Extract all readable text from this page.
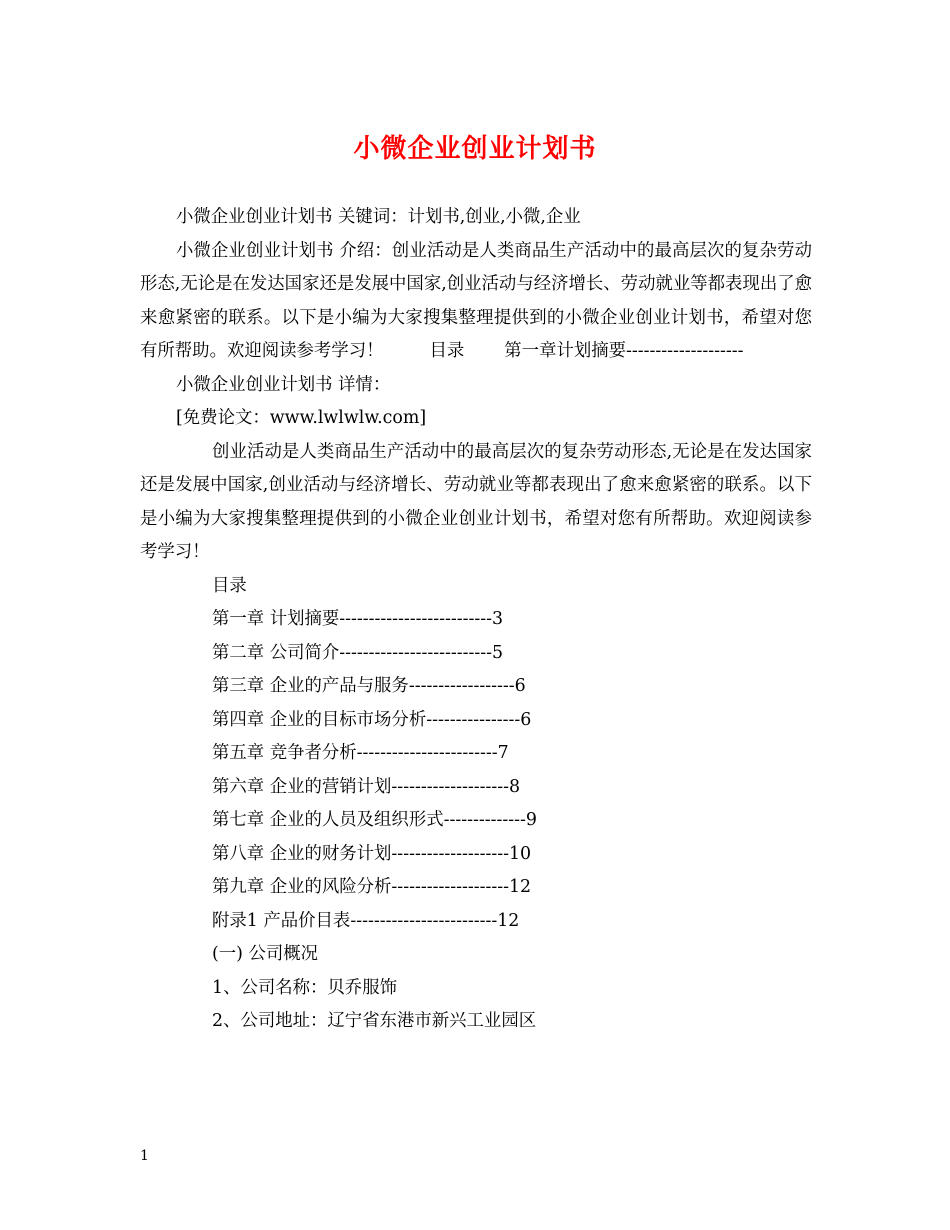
小微企业创业计划书

小微企业创业计划书 关键词：计划书,创业,小微,企业

小微企业创业计划书 介绍：创业活动是人类商品生产活动中的最高层次的复杂劳动形态,无论是在发达国家还是发展中国家,创业活动与经济增长、劳动就业等都表现出了愈来愈紧密的联系。以下是小编为大家搜集整理提供到的小微企业创业计划书，希望对您有所帮助。欢迎阅读参考学习！	目录 第一章计划摘要--------------------

小微企业创业计划书 详情：

[免费论文：www.lwlwlw.com]

创业活动是人类商品生产活动中的最高层次的复杂劳动形态,无论是在发达国家还是发展中国家,创业活动与经济增长、劳动就业等都表现出了愈来愈紧密的联系。以下是小编为大家搜集整理提供到的小微企业创业计划书，希望对您有所帮助。欢迎阅读参考学习！

目录

第一章 计划摘要--------------------------3

第二章 公司简介--------------------------5

第三章 企业的产品与服务------------------6

第四章 企业的目标市场分析----------------6

第五章 竞争者分析------------------------7

第六章 企业的营销计划--------------------8

第七章 企业的人员及组织形式--------------9

第八章 企业的财务计划--------------------10

第九章 企业的风险分析--------------------12

附录1 产品价目表-------------------------12

(一) 公司概况

1、公司名称：贝乔服饰

2、公司地址：辽宁省东港市新兴工业园区

1
